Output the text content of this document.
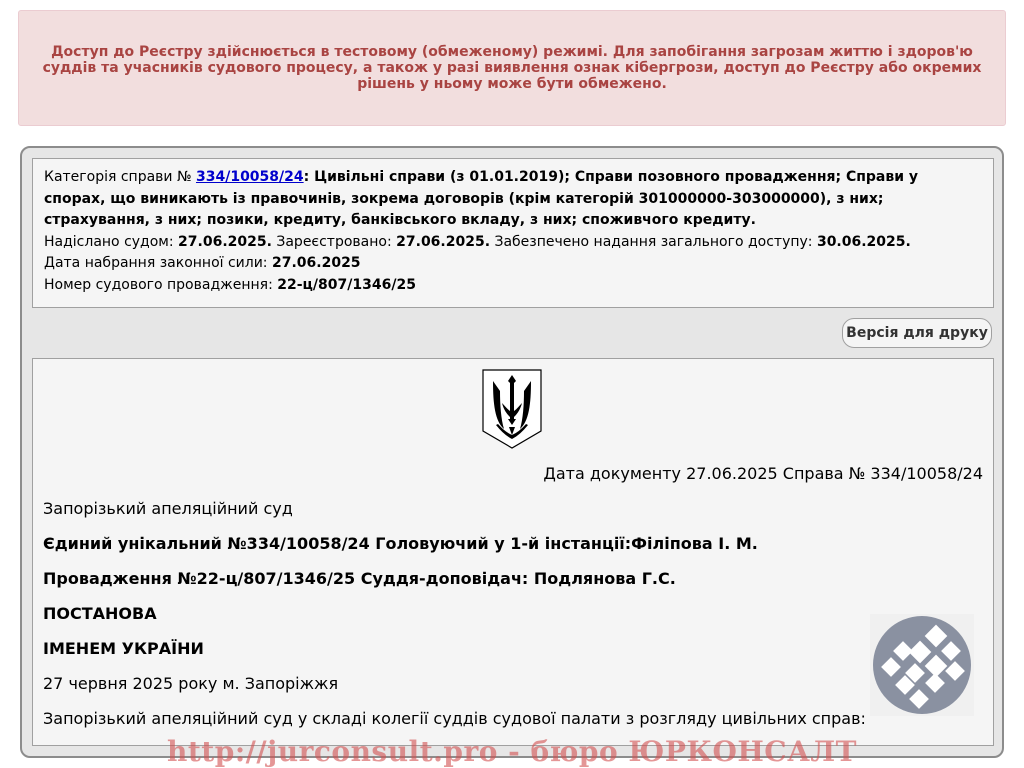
Доступ до Реєстру здійснюється в тестовому (обмеженому) режимі. Для запобігання загрозам життю і здоров'ю суддів та учасників судового процесу, а також у разі виявлення ознак кібергрози, доступ до Реєстру або окремих рішень у ньому може бути обмежено.

Категорія справи № 334/10058/24: Цивільні справи (з 01.01.2019); Справи позовного провадження; Справи у спорах, що виникають із правочинів, зокрема договорів (крім категорій 301000000-303000000), з них; страхування, з них; позики, кредиту, банківського вкладу, з них; споживчого кредиту.

Надіслано судом: 27.06.2025. Зареєстровано: 27.06.2025. Забезпечено надання загального доступу: 30.06.2025.

Дата набрання законної сили: 27.06.2025

Номер судового провадження: 22-ц/807/1346/25

Версія для друку
Дата документу 27.06.2025 Справа № 334/10058/24
Запорізький апеляційний суд
Єдиний унікальний №334/10058/24 Головуючий у 1-й інстанції:Філіпова І. М.
Провадження №22-ц/807/1346/25 Суддя-доповідач: Подлянова Г.С.
ПОСТАНОВА
ІМЕНЕМ УКРАЇНИ
27 червня 2025 року м. Запоріжжя
Запорізький апеляційний суд у складі колегії суддів судової палати з розгляду цивільних справ:
http://jurconsult.pro - бюро ЮРКОНСАЛТ
